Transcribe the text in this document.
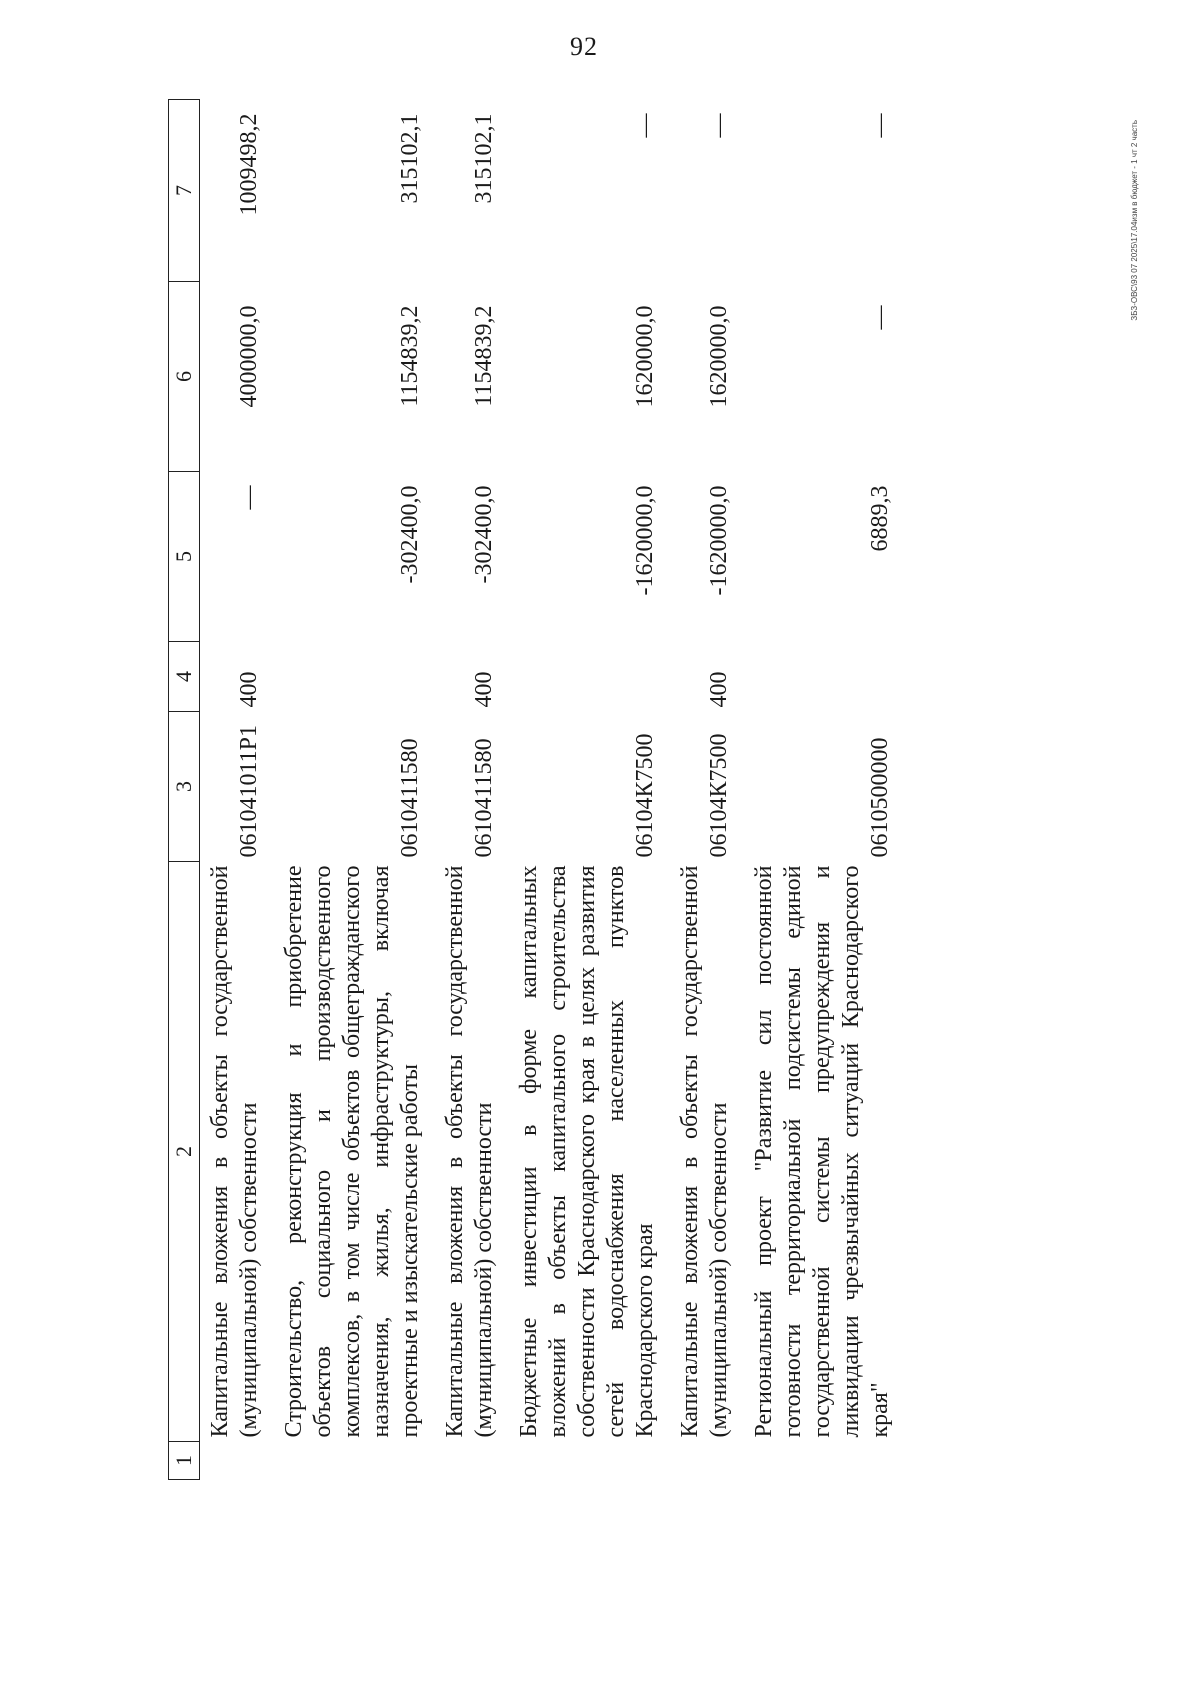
92
ЗБЗ-ОВС\93 07 2025\17.04изм в бюджет - 1 чт 2 часть
1	2	3	4	5	6	7
	Капитальные вложения в объекты государственной (муниципальной) собственности	061041011P1	400	—	4000000,0	1009498,2
	Строительство, реконструкция и приобретение объектов социального и производственного комплексов, в том числе объектов общегражданского назначения, жилья, инфраструктуры, включая проектные и изыскательские работы	0610411580		-302400,0	1154839,2	315102,1
	Капитальные вложения в объекты государственной (муниципальной) собственности	0610411580	400	-302400,0	1154839,2	315102,1
	Бюджетные инвестиции в форме капитальных вложений в объекты капитального строительства собственности Краснодарского края в целях развития сетей водоснабжения населенных пунктов Краснодарского края	06104К7500		-1620000,0	1620000,0	—
	Капитальные вложения в объекты государственной (муниципальной) собственности	06104К7500	400	-1620000,0	1620000,0	—
	Региональный проект "Развитие сил постоянной готовности территориальной подсистемы единой государственной системы предупреждения и ликвидации чрезвычайных ситуаций Краснодарского края"	0610500000		6889,3	—	—
